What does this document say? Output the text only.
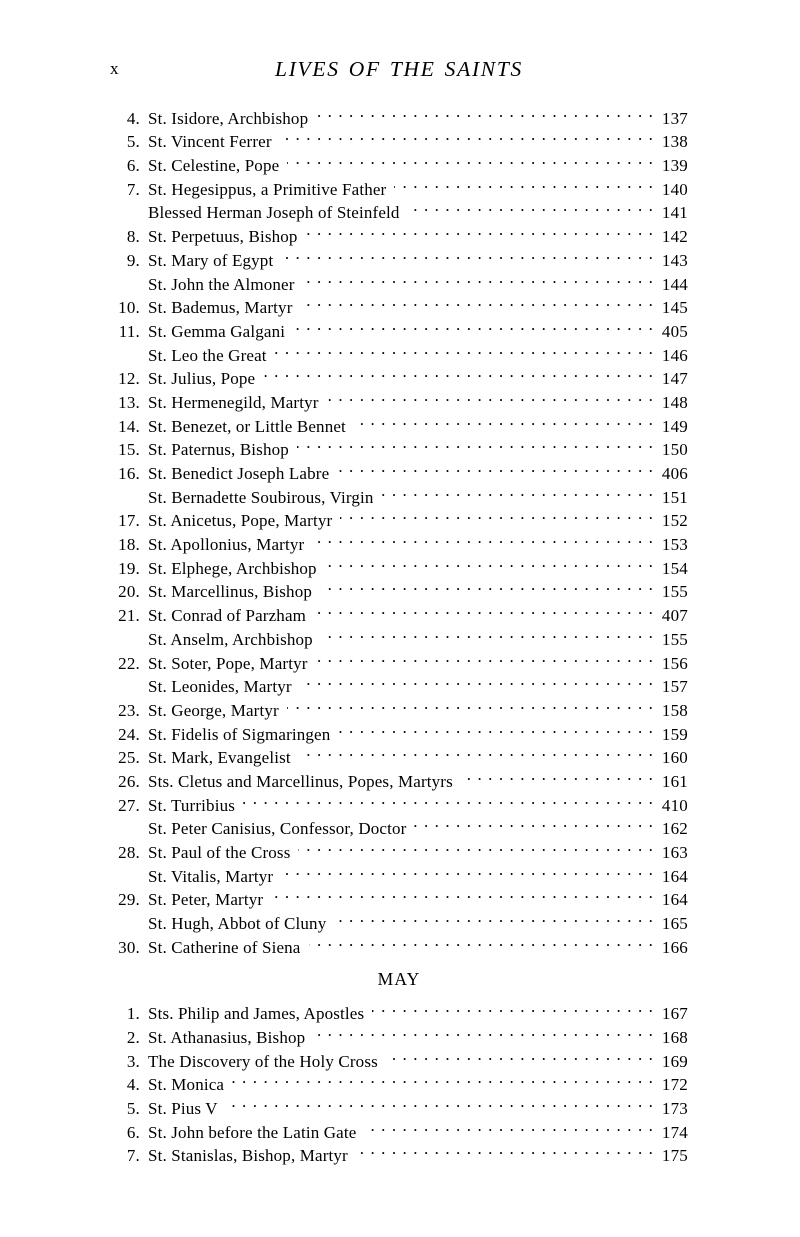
x	LIVES OF THE SAINTS
4. St. Isidore, Archbishop . . .	137
5. St. Vincent Ferrer . . .	138
6. St. Celestine, Pope . . .	139
7. St. Hegesippus, a Primitive Father . . .	140
Blessed Herman Joseph of Steinfeld . . .	141
8. St. Perpetuus, Bishop . . .	142
9. St. Mary of Egypt . . .	143
St. John the Almoner . . .	144
10. St. Bademus, Martyr . . .	145
11. St. Gemma Galgani . . .	405
St. Leo the Great . . .	146
12. St. Julius, Pope . . .	147
13. St. Hermenegild, Martyr . . .	148
14. St. Benezet, or Little Bennet . . .	149
15. St. Paternus, Bishop . . .	150
16. St. Benedict Joseph Labre . . .	406
St. Bernadette Soubirous, Virgin . . .	151
17. St. Anicetus, Pope, Martyr . . .	152
18. St. Apollonius, Martyr . . .	153
19. St. Elphege, Archbishop . . .	154
20. St. Marcellinus, Bishop . . .	155
21. St. Conrad of Parzham . . .	407
St. Anselm, Archbishop . . .	155
22. St. Soter, Pope, Martyr . . .	156
St. Leonides, Martyr . . .	157
23. St. George, Martyr . . .	158
24. St. Fidelis of Sigmaringen . . .	159
25. St. Mark, Evangelist . . .	160
26. Sts. Cletus and Marcellinus, Popes, Martyrs . . .	161
27. St. Turribius . . .	410
St. Peter Canisius, Confessor, Doctor . . .	162
28. St. Paul of the Cross . . .	163
St. Vitalis, Martyr . . .	164
29. St. Peter, Martyr . . .	164
St. Hugh, Abbot of Cluny . . .	165
30. St. Catherine of Siena . . .	166
MAY
1. Sts. Philip and James, Apostles . . .	167
2. St. Athanasius, Bishop . . .	168
3. The Discovery of the Holy Cross . . .	169
4. St. Monica . . .	172
5. St. Pius V . . .	173
6. St. John before the Latin Gate . . .	174
7. St. Stanislas, Bishop, Martyr . . .	175
